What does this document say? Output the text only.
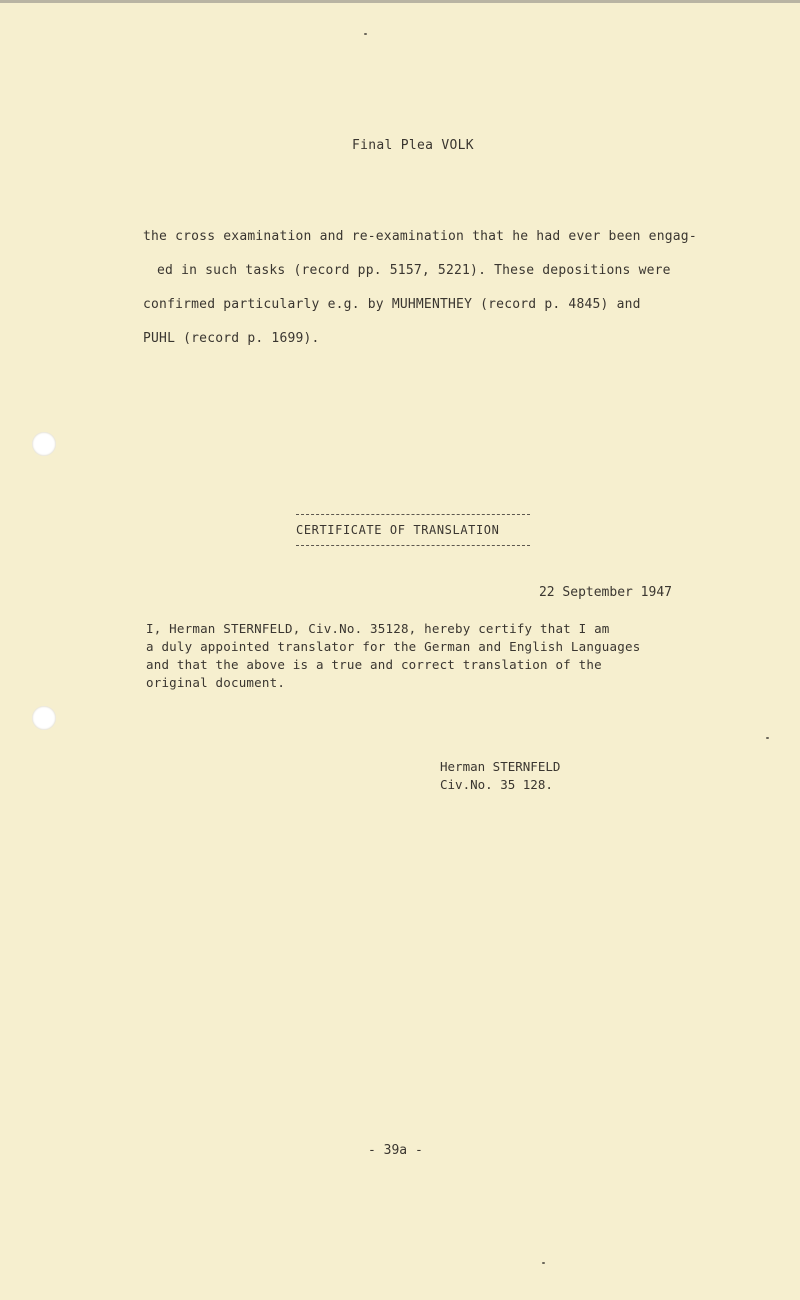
Final Plea VOLK
the cross examination and re-examination that he had ever been engag-
ed in such tasks (record pp. 5157, 5221). These depositions were
confirmed particularly e.g. by MUHMENTHEY (record p. 4845) and
PUHL (record p. 1699).
CERTIFICATE OF TRANSLATION
22 September 1947
I, Herman STERNFELD, Civ.No. 35128, hereby certify that I am
a duly appointed translator for the German and English Languages
and that the above is a true and correct translation of the
original document.
Herman STERNFELD
Civ.No. 35 128.
- 39a -
